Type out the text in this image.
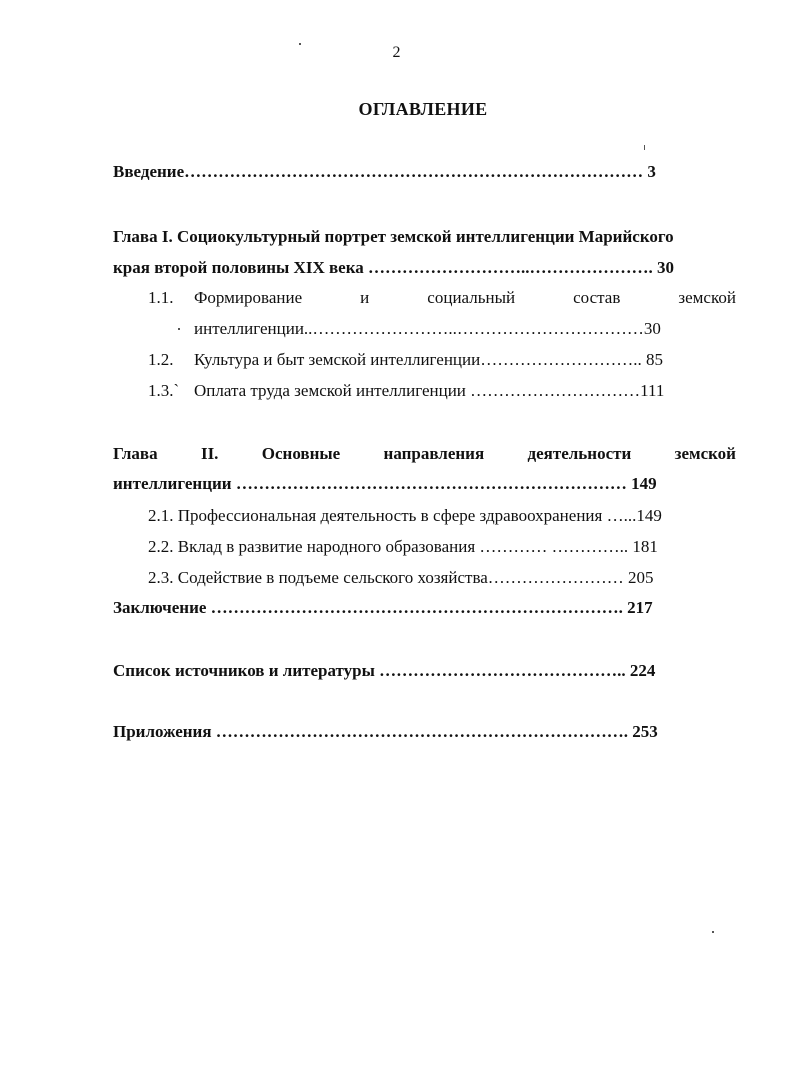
2
ОГЛАВЛЕНИЕ
Введение……………………………………………………………………… 3
Глава I. Социокультурный портрет земской интеллигенции Марийского
края второй половины XIX века ………………………..…………………. 30
1.1. Формирование	и	социальный	состав	земской
интеллигенции..……………………..……………………………30
1.2. Культура и быт земской интеллигенции……………………….. 85
1.3.` Оплата труда земской интеллигенции …………………………111
Глава	II.	Основные	направления	деятельности	земской
интеллигенции …………………………………………………………… 149
2.1. Профессиональная деятельность в сфере здравоохранения …...149
2.2. Вклад в развитие народного образования ………… ………….. 181
2.3. Содействие в подъеме сельского хозяйства…………………… 205
Заключение ………………………………………………………………. 217
Список источников и литературы …………………………………….. 224
Приложения ………………………………………………………………. 253
